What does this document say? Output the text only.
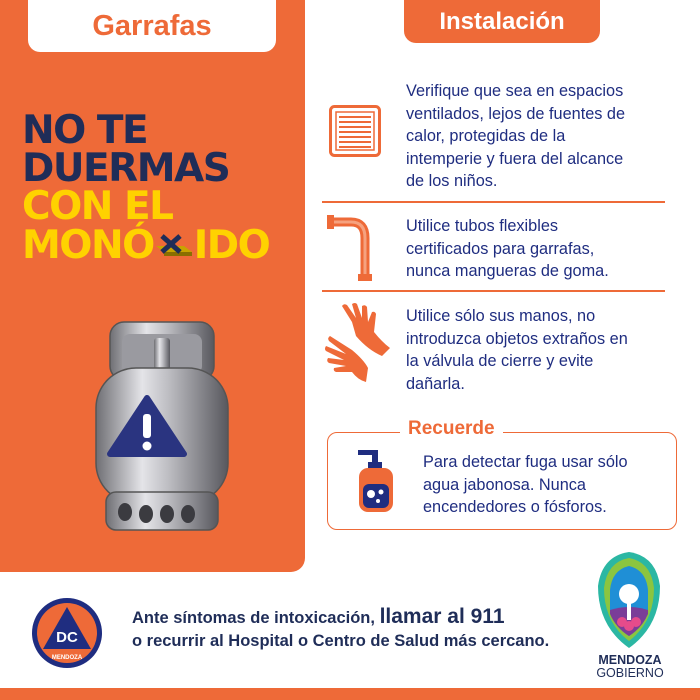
Garrafas
NO TE
DUERMAS
CON EL
MONÓ IDO
Instalación
Verifique que sea en espacios
ventilados, lejos de fuentes de
calor, protegidas de la
intemperie y fuera del alcance
de los niños.
Utilice tubos flexibles
certificados para garrafas,
nunca mangueras de goma.
Utilice sólo sus manos, no
introduzca objetos extraños en
la válvula de cierre y evite
dañarla.
Recuerde
Para detectar fuga usar sólo
agua jabonosa. Nunca
encendedores o fósforos.
DC
MENDOZA
Ante síntomas de intoxicación, llamar al 911
o recurrir al Hospital o Centro de Salud más cercano.
MENDOZA
GOBIERNO
